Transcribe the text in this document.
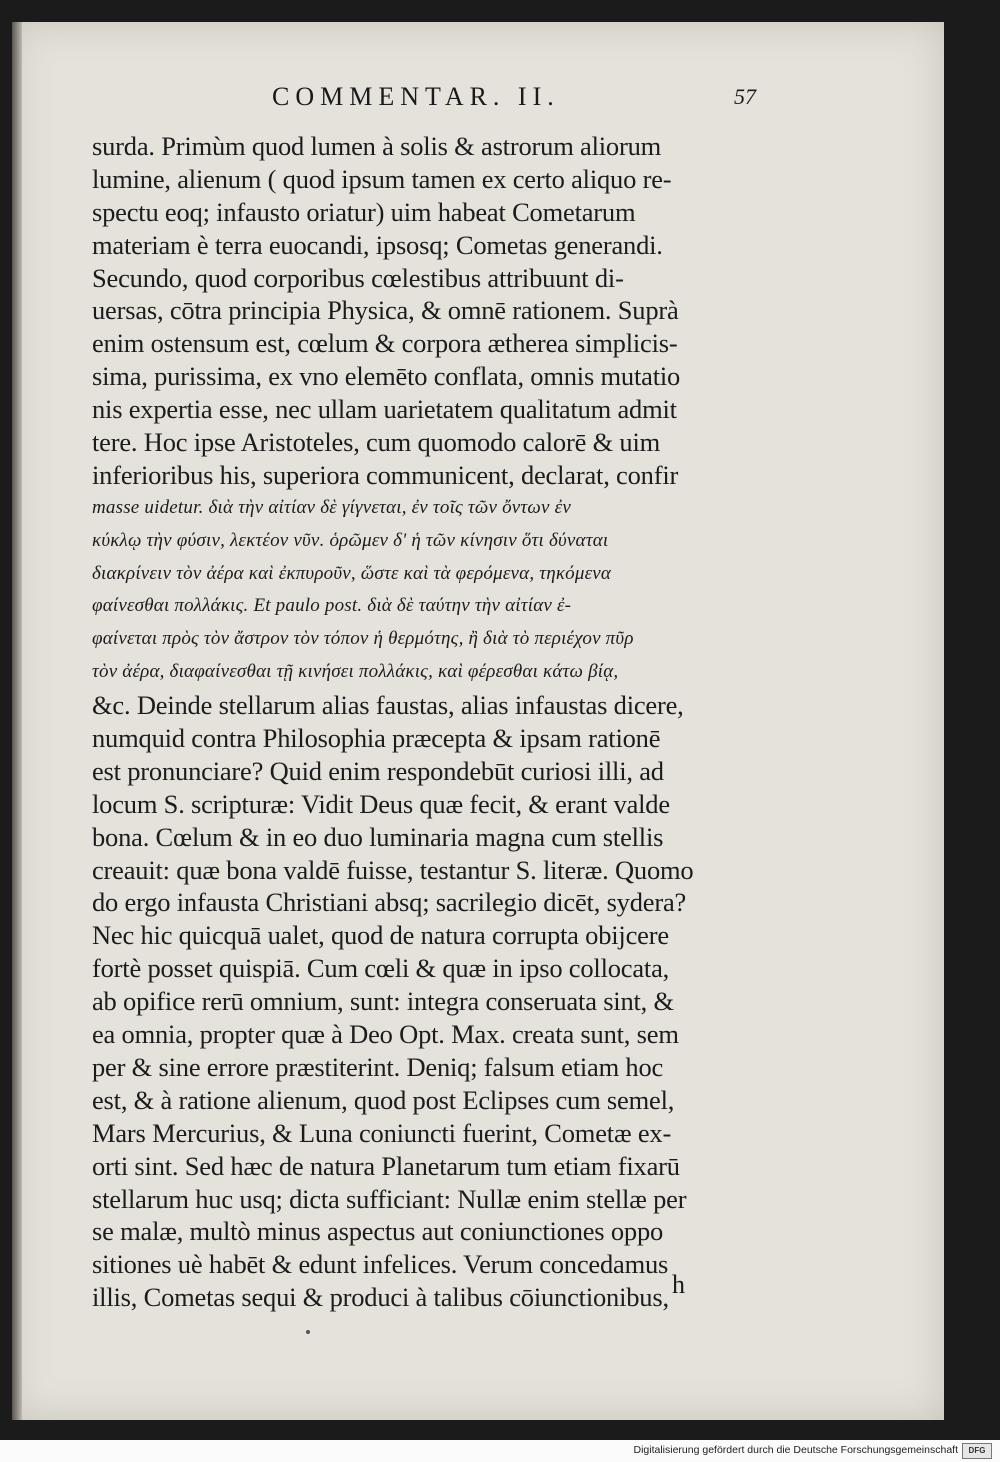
COMMENTAR. II.	57
surda. Primùm quod lumen à solis & astrorum aliorum
lumine, alienum ( quod ipsum tamen ex certo aliquo re-
spectu eoq; infausto oriatur) uim habeat Cometarum
materiam è terra euocandi, ipsosq; Cometas generandi.
Secundo, quod corporibus cœlestibus attribuunt di-
uersas, cōtra principia Physica, & omnē rationem. Suprà
enim ostensum est, cœlum & corpora ætherea simplicis-
sima, purissima, ex vno elemēto conflata, omnis mutatio
nis expertia esse, nec ullam uarietatem qualitatum admit
tere. Hoc ipse Aristoteles, cum quomodo calorē & uim
inferioribus his, superiora communicent, declarat, confir
masse uidetur. διὰ τὴν αἰτίαν δὲ γίγνεται, ἐν τοῖς τῶν ὄντων ἐν
κύκλῳ τὴν φύσιν, λεκτέον νῦν. ὁρῶμεν δ' ἡ τῶν κίνησιν ὅτι δύναται
διακρίνειν τὸν ἀέρα καὶ ἐκπυροῦν, ὥστε καὶ τὰ φερόμενα, τηκόμενα
φαίνεσθαι πολλάκις. Et paulo post. διὰ δὲ ταύτην τὴν αἰτίαν ἐ-
φαίνεται πρὸς τὸν ἄστρον τὸν τόπον ἡ θερμότης, ἢ διὰ τὸ περιέχον πῦρ
τὸν ἀέρα, διαφαίνεσθαι τῇ κινήσει πολλάκις, καὶ φέρεσθαι κάτω βίᾳ,
&c. Deinde stellarum alias faustas, alias infaustas dicere,
numquid contra Philosophia præcepta & ipsam rationē
est pronunciare? Quid enim respondebūt curiosi illi, ad
locum S. scripturæ: Vidit Deus quæ fecit, & erant valde
bona. Cœlum & in eo duo luminaria magna cum stellis
creauit: quæ bona valdē fuisse, testantur S. literæ. Quomo
do ergo infausta Christiani absq; sacrilegio dicēt, sydera?
Nec hic quicquā ualet, quod de natura corrupta obijcere
fortè posset quispiā. Cum cœli & quæ in ipso collocata,
ab opifice rerū omnium, sunt: integra conseruata sint, &
ea omnia, propter quæ à Deo Opt. Max. creata sunt, sem
per & sine errore præstiterint. Deniq; falsum etiam hoc
est, & à ratione alienum, quod post Eclipses cum semel,
Mars Mercurius, & Luna coniuncti fuerint, Cometæ ex-
orti sint. Sed hæc de natura Planetarum tum etiam fixarū
stellarum huc usq; dicta sufficiant: Nullæ enim stellæ per
se malæ, multò minus aspectus aut coniunctiones oppo
sitiones uè habēt & edunt infelices. Verum concedamus
illis, Cometas sequi & produci à talibus cōiunctionibus, h
Digitalisierung gefördert durch die Deutsche Forschungsgemeinschaft	DFG
